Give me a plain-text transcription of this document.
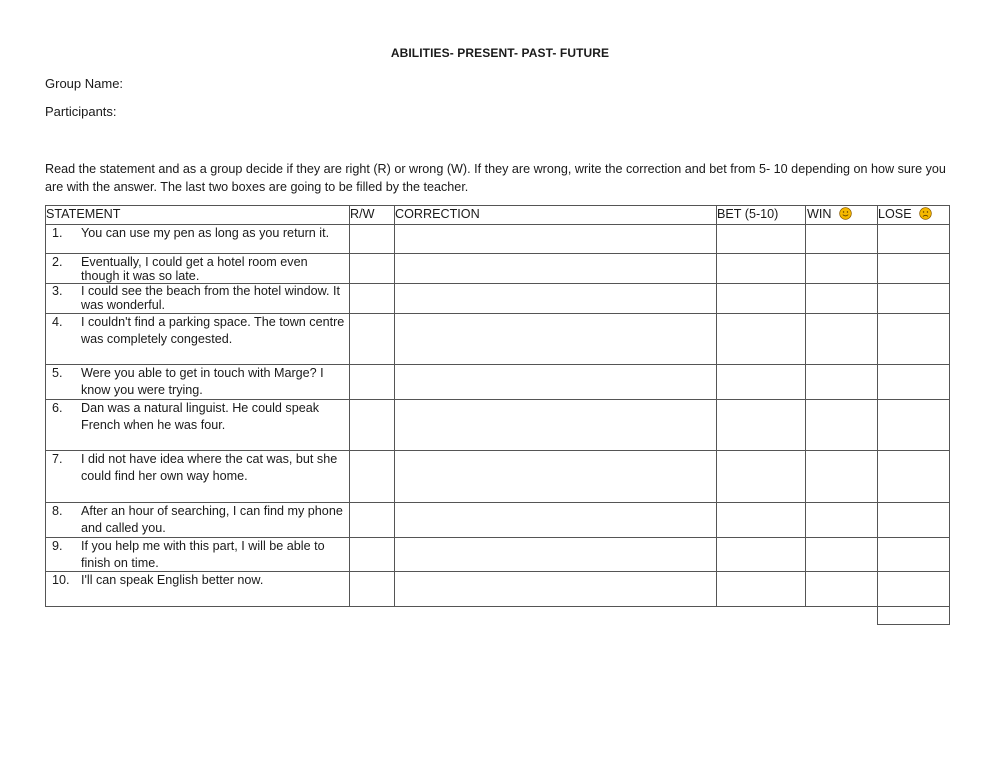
ABILITIES- PRESENT- PAST- FUTURE
Group Name:
Participants:
Read the statement and as a group decide if they are right (R) or wrong (W). If they are wrong, write the correction and bet from 5- 10 depending on how sure you are with the answer. The last two boxes are going to be filled by the teacher.
STATEMENT	R/W	CORRECTION	BET (5-10)	WIN	LOSE

1. You can use my pen as long as you return it.					

2. Eventually, I could get a hotel room even though it was so late.					

3. I could see the beach from the hotel window. It was wonderful.					

4. I couldn't find a parking space. The town centre was completely congested.					

5. Were you able to get in touch with Marge? I know you were trying.					

6. Dan was a natural linguist. He could speak French when he was four.					

7. I did not have idea where the cat was, but she could find her own way home.					

8. After an hour of searching, I can find my phone and called you.					

9. If you help me with this part, I will be able to finish on time.					

10. I'll can speak English better now.					
